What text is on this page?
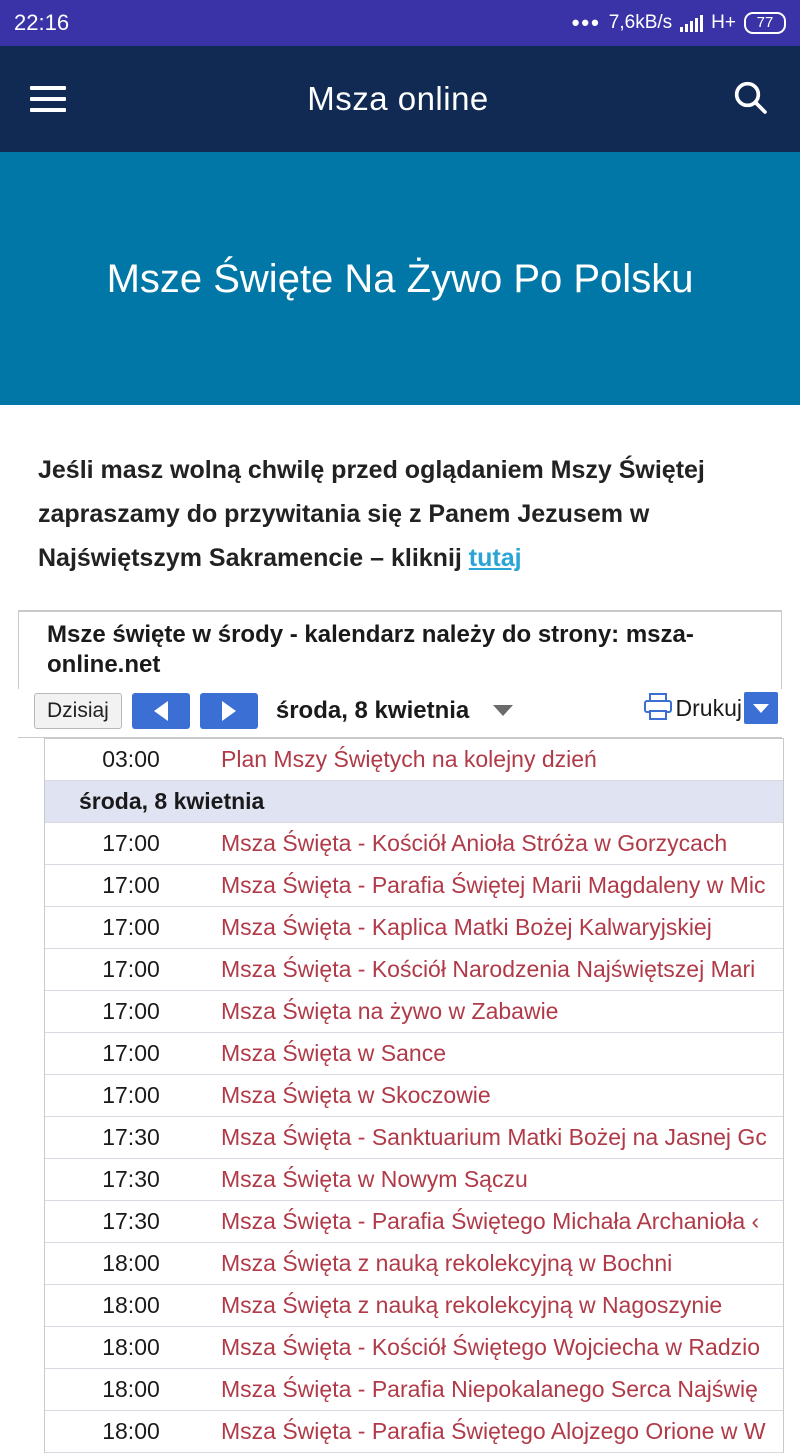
22:16	••• 7,6kB/s H+	77
Msza online
Msze Święte Na Żywo Po Polsku
Jeśli masz wolną chwilę przed oglądaniem Mszy Świętej zapraszamy do przywitania się z Panem Jezusem w Najświętszym Sakramencie – kliknij tutaj
Msze święte w środy - kalendarz należy do strony: msza-online.net
Dzisiaj	środa, 8 kwietnia	Drukuj
03:00	Plan Mszy Świętych na kolejny dzień
środa, 8 kwietnia
17:00	Msza Święta - Kościół Anioła Stróża w Gorzycach
17:00	Msza Święta - Parafia Świętej Marii Magdaleny w Mic
17:00	Msza Święta - Kaplica Matki Bożej Kalwaryjskiej
17:00	Msza Święta - Kościół Narodzenia Najświętszej Mari
17:00	Msza Święta na żywo w Zabawie
17:00	Msza Święta w Sance
17:00	Msza Święta w Skoczowie
17:30	Msza Święta - Sanktuarium Matki Bożej na Jasnej Gc
17:30	Msza Święta w Nowym Sączu
17:30	Msza Święta - Parafia Świętego Michała Archanioła ‹
18:00	Msza Święta z nauką rekolekcyjną w Bochni
18:00	Msza Święta z nauką rekolekcyjną w Nagoszynie
18:00	Msza Święta - Kościół Świętego Wojciecha w Radzio
18:00	Msza Święta - Parafia Niepokalanego Serca Najświę
18:00	Msza Święta - Parafia Świętego Alojzego Orione w W
